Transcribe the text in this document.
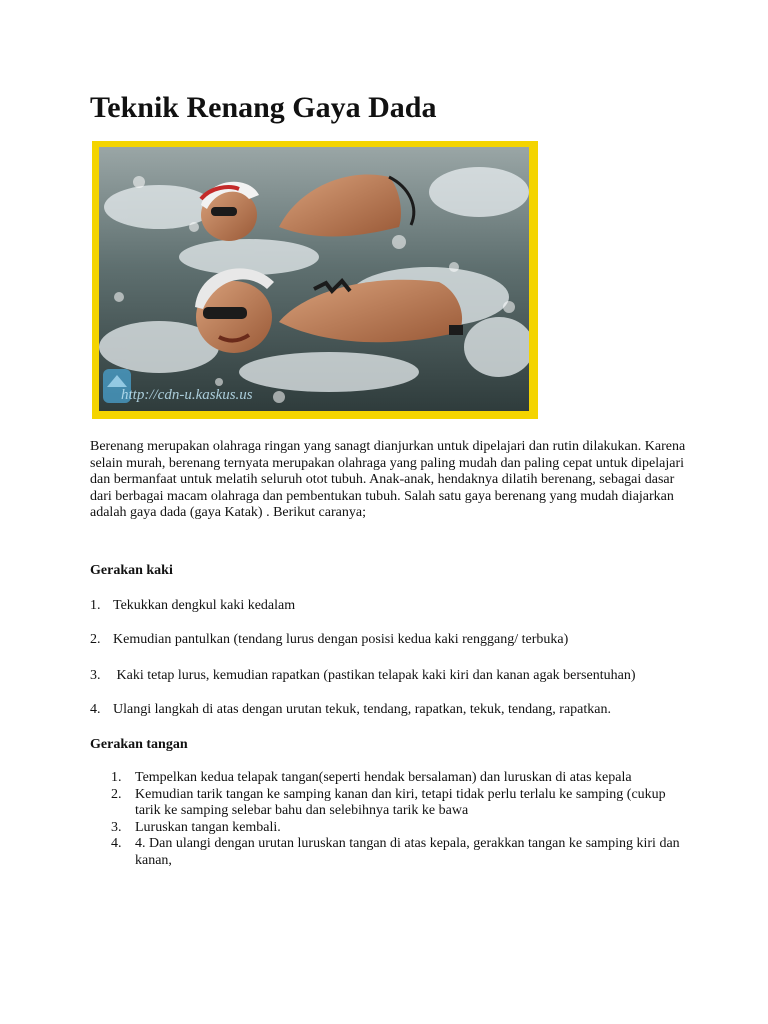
Teknik Renang Gaya Dada
http://cdn-u.kaskus.us

Berenang merupakan olahraga ringan yang sanagt dianjurkan untuk dipelajari dan rutin dilakukan. Karena selain murah, berenang ternyata merupakan olahraga yang paling mudah dan paling cepat untuk dipelajari dan bermanfaat untuk melatih seluruh otot tubuh. Anak-anak, hendaknya dilatih berenang, sebagai dasar dari berbagai macam olahraga dan pembentukan tubuh. Salah satu gaya berenang yang mudah diajarkan adalah gaya dada (gaya Katak) . Berikut caranya;

Gerakan kaki
1. Tekukkan dengkul kaki kedalam
2. Kemudian pantulkan (tendang lurus dengan posisi kedua kaki renggang/ terbuka)
3. Kaki tetap lurus, kemudian rapatkan (pastikan telapak kaki kiri dan kanan agak bersentuhan)
4. Ulangi langkah di atas dengan urutan tekuk, tendang, rapatkan, tekuk, tendang, rapatkan.
Gerakan tangan
1. Tempelkan kedua telapak tangan(seperti hendak bersalaman) dan luruskan di atas kepala
2. Kemudian tarik tangan ke samping kanan dan kiri, tetapi tidak perlu terlalu ke samping (cukup tarik ke samping selebar bahu dan selebihnya tarik ke bawa
3. Luruskan tangan kembali.
4. 4. Dan ulangi dengan urutan luruskan tangan di atas kepala, gerakkan tangan ke samping kiri dan kanan,
